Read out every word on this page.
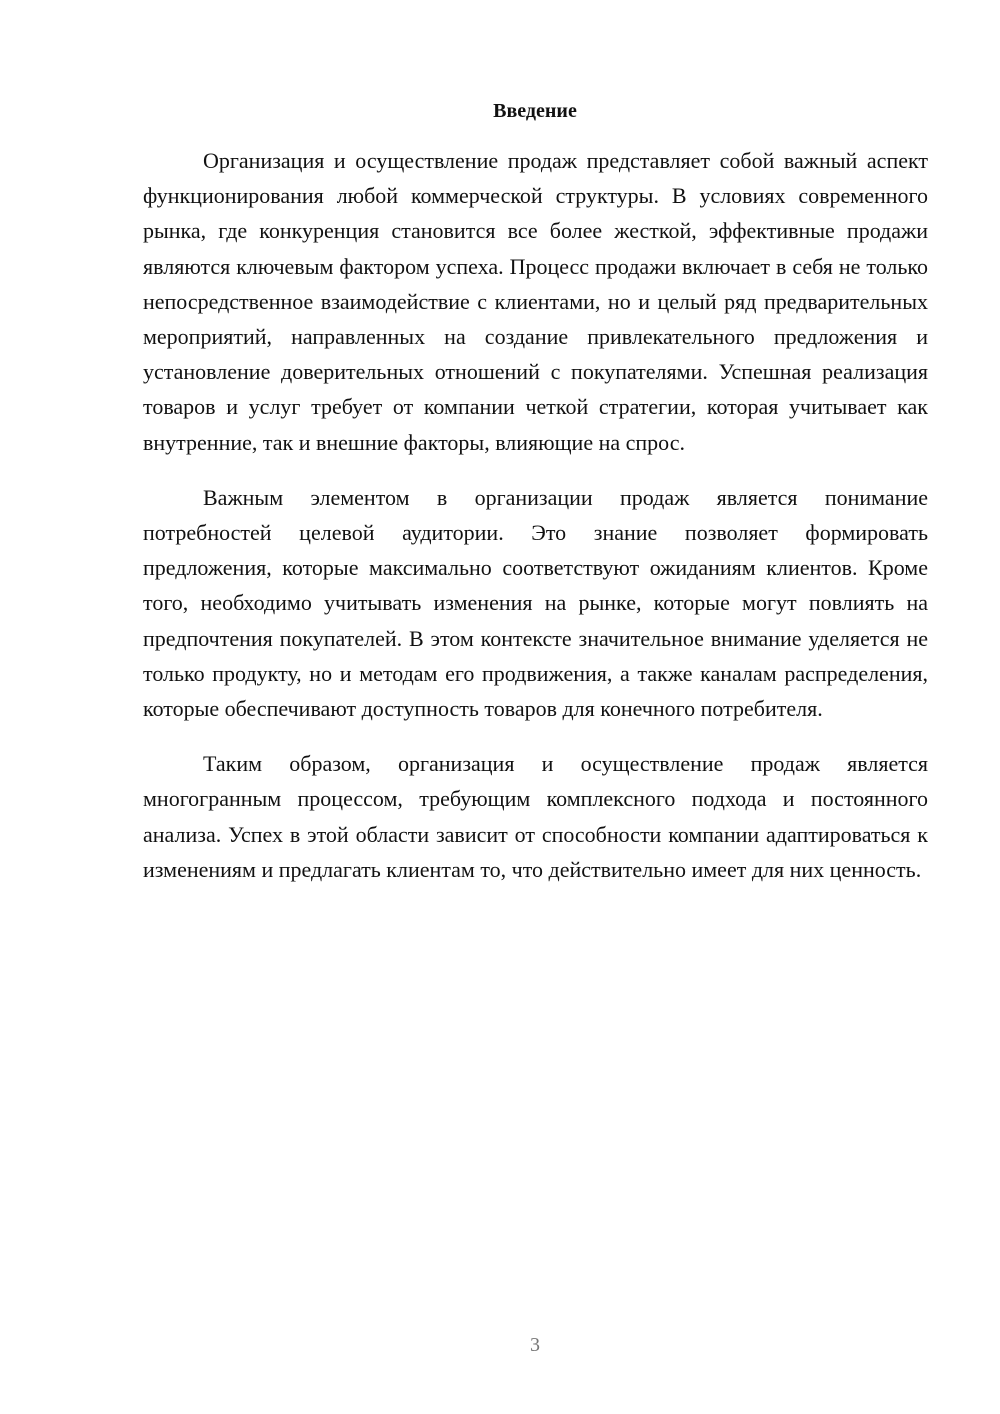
Введение

Организация и осуществление продаж представляет собой важный аспект функционирования любой коммерческой структуры. В условиях современного рынка, где конкуренция становится все более жесткой, эффективные продажи являются ключевым фактором успеха. Процесс продажи включает в себя не только непосредственное взаимодействие с клиентами, но и целый ряд предварительных мероприятий, направленных на создание привлекательного предложения и установление доверительных отношений с покупателями. Успешная реализация товаров и услуг требует от компании четкой стратегии, которая учитывает как внутренние, так и внешние факторы, влияющие на спрос.

Важным элементом в организации продаж является понимание потребностей целевой аудитории. Это знание позволяет формировать предложения, которые максимально соответствуют ожиданиям клиентов. Кроме того, необходимо учитывать изменения на рынке, которые могут повлиять на предпочтения покупателей. В этом контексте значительное внимание уделяется не только продукту, но и методам его продвижения, а также каналам распределения, которые обеспечивают доступность товаров для конечного потребителя.

Таким образом, организация и осуществление продаж является многогранным процессом, требующим комплексного подхода и постоянного анализа. Успех в этой области зависит от способности компании адаптироваться к изменениям и предлагать клиентам то, что действительно имеет для них ценность.

3
